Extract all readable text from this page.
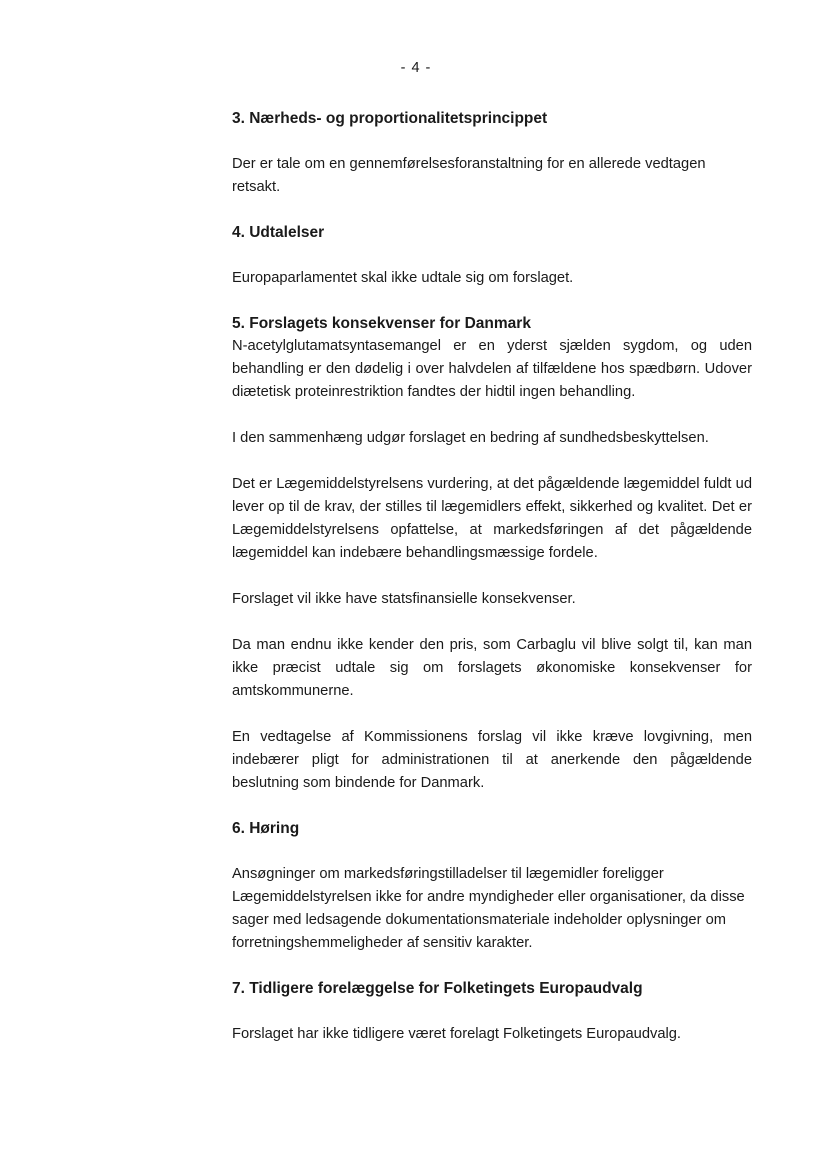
- 4 -
3. Nærheds- og proportionalitetsprincippet

Der er tale om en gennemførelsesforanstaltning for en allerede vedtagen retsakt.

4. Udtalelser

Europaparlamentet skal ikke udtale sig om forslaget.

5. Forslagets konsekvenser for Danmark

N-acetylglutamatsyntasemangel er en yderst sjælden sygdom, og uden behandling er den dødelig i over halvdelen af tilfældene hos spædbørn. Udover diætetisk proteinrestriktion fandtes der hidtil ingen behandling.

I den sammenhæng udgør forslaget en bedring af sundhedsbeskyttelsen.

Det er Lægemiddelstyrelsens vurdering, at det pågældende lægemiddel fuldt ud lever op til de krav, der stilles til lægemidlers effekt, sikkerhed og kvalitet. Det er Lægemiddelstyrelsens opfattelse, at markedsføringen af det pågældende lægemiddel kan indebære behandlingsmæssige fordele.

Forslaget vil ikke have statsfinansielle konsekvenser.

Da man endnu ikke kender den pris, som Carbaglu vil blive solgt til, kan man ikke præcist udtale sig om forslagets økonomiske konsekvenser for amtskommunerne.

En vedtagelse af Kommissionens forslag vil ikke kræve lovgivning, men indebærer pligt for administrationen til at anerkende den pågældende beslutning som bindende for Danmark.

6. Høring

Ansøgninger om markedsføringstilladelser til lægemidler foreligger Lægemiddelstyrelsen ikke for andre myndigheder eller organisationer, da disse sager med ledsagende dokumentationsmateriale indeholder oplysninger om forretningshemmeligheder af sensitiv karakter.

7. Tidligere forelæggelse for Folketingets Europaudvalg

Forslaget har ikke tidligere været forelagt Folketingets Europaudvalg.
